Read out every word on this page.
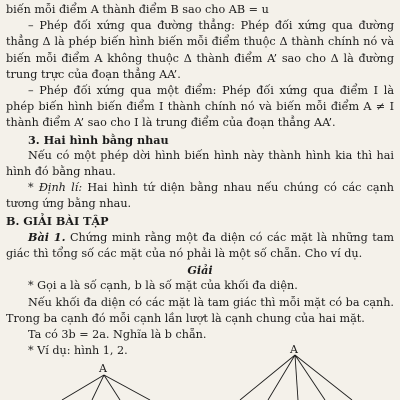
biến mỗi điểm A thành điểm B sao cho → AB = → u

– Phép đối xứng qua đường thẳng: Phép đối xứng qua đường thẳng Δ là phép biến hình biến mỗi điểm thuộc Δ thành chính nó và biến mỗi điểm A không thuộc Δ thành điểm A’ sao cho Δ là đường trung trực của đoạn thẳng AA’.

– Phép đối xứng qua một điểm: Phép đối xứng qua điểm I là phép biến hình biến điểm I thành chính nó và biến mỗi điểm A ≠ I thành điểm A’ sao cho I là trung điểm của đoạn thẳng AA’.

3. Hai hình bằng nhau

Nếu có một phép dời hình biến hình này thành hình kia thì hai hình đó bằng nhau.

* Định lí: Hai hình tứ diện bằng nhau nếu chúng có các cạnh tương ứng bằng nhau.

B. GIẢI BÀI TẬP

Bài 1. Chứng minh rằng một đa diện có các mặt là những tam giác thì tổng số các mặt của nó phải là một số chẵn. Cho ví dụ.

Giải

* Gọi a là số cạnh, b là số mặt của khối đa diện.

Nếu khối đa diện có các mặt là tam giác thì mỗi mặt có ba cạnh. Trong ba cạnh đó mỗi cạnh lần lượt là cạnh chung của hai mặt.

Ta có 3b = 2a. Nghĩa là b chẵn.

* Ví dụ: hình 1, 2.

A
A
